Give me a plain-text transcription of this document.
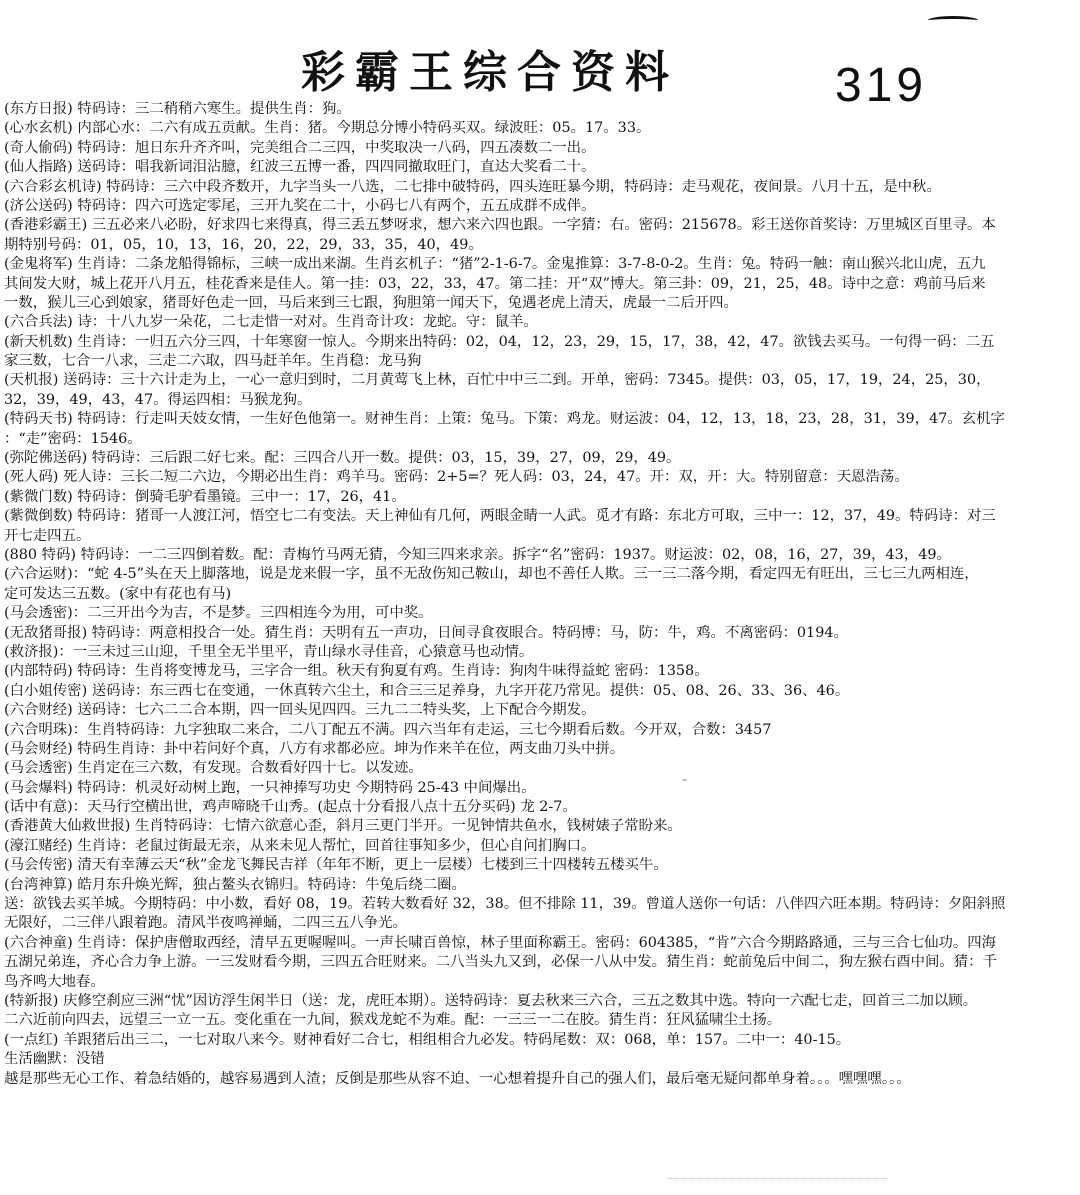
彩霸王综合资料	319
(东方日报) 特码诗：三二稍稍六寒生。提供生肖：狗。
(心水玄机) 内部心水：二六有成五贡献。生肖：猪。今期总分博小特码买双。绿波旺：05。17。33。
(奇人偷码) 特码诗：旭日东升齐齐叫，完美组合二三四，中奖取决一八码，四五凑数二一出。
(仙人指路) 送码诗：唱我新词泪沾臆，红波三五博一番，四四同撤取旺门，直达大奖看二十。
(六合彩玄机诗) 特码诗：三六中段齐数开，九字当头一八选，二七排中破特码，四头连旺暴今期，特码诗：走马观花，夜间景。八月十五，是中秋。
(济公送码) 特码诗：四六可选定零尾，三开九奖在二十，小码七八有两个，五五成群不成伴。
(香港彩霸王) 三五必来八必盼，好求四七来得真，得三丢五梦呀求，想六来六四也跟。一字猜：右。密码：215678。彩王送你首奖诗：万里城区百里寻。本
期特别号码：01，05，10，13，16，20，22，29，33，35，40，49。
(金鬼将军) 生肖诗：二条龙船得锦标，三峡一成出来湖。生肖玄机子：“猪”2-1-6-7。金鬼推算：3-7-8-0-2。生肖：兔。特码一触：南山猴兴北山虎，五九
其间发大财，城上花开八月五，桂花香来是佳人。第一挂：03，22，33，47。第二挂：开“双”博大。第三卦：09，21，25，48。诗中之意：鸡前马后来
一数，猴儿三心到娘家，猪哥好色走一回，马后来到三七跟，狗胆第一闻天下，兔遇老虎上清天，虎最一二后开四。
(六合兵法) 诗：十八九岁一朵花，二七走惜一对对。生肖奇计攻：龙蛇。守：鼠羊。
(新天机数) 生肖诗：一归五六分三四，十年寒窗一惊人。今期来出特码：02，04，12，23，29，15，17，38，42，47。欲钱去买马。一句得一码：二五
家三数，七合一八求，三走二六取，四马赶羊年。生肖稳：龙马狗
(天机报) 送码诗：三十六计走为上，一心一意归到时，二月黄莺飞上林，百忙中中三二到。开单，密码：7345。提供：03，05，17，19，24，25，30，
32，39，49，43，47。得运四相：马猴龙狗。
(特码天书) 特码诗：行走叫天妓女情，一生好色他第一。财神生肖：上策：兔马。下策：鸡龙。财运波：04，12，13，18，23，28，31，39，47。玄机字
：“走”密码：1546。
(弥陀佛送码) 特码诗：三后跟二好七来。配：三四合八开一数。提供：03，15，39，27，09，29，49。
(死人码) 死人诗：三长二短二六边，今期必出生肖：鸡羊马。密码：2+5=？死人码：03，24，47。开：双，开：大。特别留意：天恩浩荡。
(紫微门数) 特码诗：倒骑毛驴看墨镜。三中一：17，26，41。
(紫微倒数) 特码诗：猪哥一人渡江河，悟空七二有变法。天上神仙有几何，两眼金睛一人武。觅才有路：东北方可取，三中一：12，37，49。特码诗：对三
开七走四五。
(880 特码) 特码诗：一二三四倒着数。配：青梅竹马两无猜，今知三四来求亲。拆字“名”密码：1937。财运波：02，08，16，27，39，43，49。
(六合运财)：“蛇 4-5”头在天上脚落地，说是龙来假一字，虽不无敌伤知己鞍山，却也不善任人欺。三一三二落今期，看定四无有旺出，三七三九两相连，
定可发达三五数。(家中有花也有马)
(马会透密)：二三开出今为吉，不是梦。三四相连今为用，可中奖。
(无敌猪哥报) 特码诗：两意相投合一处。猜生肖：天明有五一声功，日间寻食夜眼合。特码博：马，防：牛，鸡。不离密码：0194。
(救济报)：一三未过三山迎，千里全无半里平，青山绿水寻佳音，心猿意马也动情。
(内部特码) 特码诗：生肖将变博龙马，三字合一组。秋天有狗夏有鸡。生肖诗：狗肉牛味得益蛇 密码：1358。
(白小姐传密) 送码诗：东三西七在变通，一休真转六尘土，和合三三足养身，九字开花乃常见。提供：05、08、26、33、36、46。
(六合财经) 送码诗：七六二二合本期，四一回头见四四。三九二二特头奖，上下配合今期发。
(六合明珠)：生肖特码诗：九字独取二来合，二八丁配五不满。四六当年有走运，三七今期看后数。今开双，合数：3457
(马会财经) 特码生肖诗：卦中若问好个真，八方有求都必应。坤为作来羊在位，两支曲刀头中拼。
(马会透密) 生肖定在三六数，有发现。合数看好四十七。以发迹。
(马会爆料) 特码诗：机灵好动树上跑，一只神捧写功史 今期特码 25-43 中间爆出。
(话中有意)：天马行空横出世，鸡声啼晓千山秀。(起点十分看报八点十五分买码) 龙 2-7。
(香港黄大仙救世报) 生肖特码诗：七情六欲意心歪，斜月三更门半开。一见钟情共鱼水，钱树婊子常盼来。
(濠江赌经) 生肖诗：老鼠过街最无亲，从来未见人帮忙，回首往事知多少，但心自问扪胸口。
(马会传密) 清天有幸薄云天“秋”金龙飞舞民吉祥（年年不断，更上一层楼）七楼到三十四楼转五楼买牛。
(台湾神算) 皓月东升焕光辉，独占鳌头衣锦归。特码诗：牛兔后绕二圈。
送：欲钱去买羊城。今期特码：中小数，看好 08，19。若转大数看好 32，38。但不排除 11，39。曾道人送你一句话：八伴四六旺本期。特码诗：夕阳斜照
无限好，二三伴八跟着跑。清风半夜鸣禅蛹，二四三五八争光。
(六合神童) 生肖诗：保护唐僧取西经，清早五更喔喔叫。一声长啸百兽惊，林子里面称霸王。密码：604385，“肯”六合今期路路通，三与三合七仙功。四海
五湖兄弟连，齐心合力争上游。一三发财看今期，三四五合旺财来。二八当头九又到，必保一八从中发。猜生肖：蛇前兔后中间二，狗左猴右酉中间。猜：千
鸟齐鸣大地春。
(特新报) 庆修空刹应三洲“忧”因访浮生闲半日（送：龙，虎旺本期）。送特码诗：夏去秋来三六合，三五之数其中选。特向一六配七走，回首三二加以顾。
二六近前向四去，远望三一立一五。变化重在一九间，猴戏龙蛇不为难。配：一三三一二在胶。猜生肖：狂风猛啸尘土扬。
(一点红) 羊跟猪后出三二，一七对取八来今。财神看好二合七，相组相合九必发。特码尾数：双：068，单：157。二中一：40-15。
生活幽默：没错
越是那些无心工作、着急结婚的，越容易遇到人渣；反倒是那些从容不迫、一心想着提升自己的强人们，最后毫无疑问都单身着。。。嘿嘿嘿。。。
⁼
